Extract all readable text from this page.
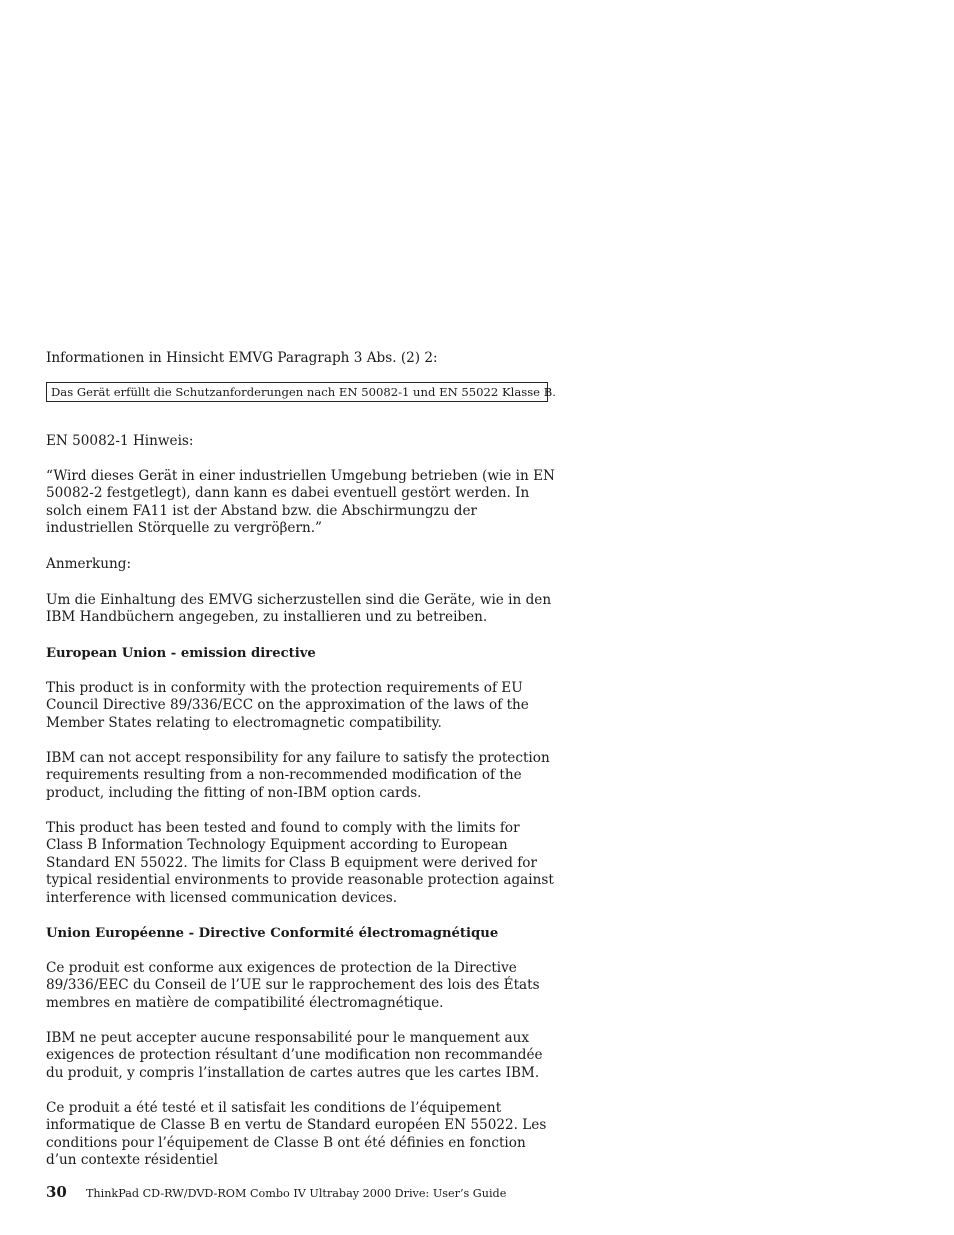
Informationen in Hinsicht EMVG Paragraph 3 Abs. (2) 2:

Das Gerät erfüllt die Schutzanforderungen nach EN 50082-1 und EN 55022 Klasse B.

EN 50082-1 Hinweis:

“Wird dieses Gerät in einer industriellen Umgebung betrieben (wie in EN 50082-2 festgetlegt), dann kann es dabei eventuell gestört werden. In solch einem FA11 ist der Abstand bzw. die Abschirmungzu der industriellen Störquelle zu vergröβern.”

Anmerkung:

Um die Einhaltung des EMVG sicherzustellen sind die Geräte, wie in den IBM Handbüchern angegeben, zu installieren und zu betreiben.

European Union - emission directive

This product is in conformity with the protection requirements of EU Council Directive 89/336/ECC on the approximation of the laws of the Member States relating to electromagnetic compatibility.

IBM can not accept responsibility for any failure to satisfy the protection requirements resulting from a non-recommended modification of the product, including the fitting of non-IBM option cards.

This product has been tested and found to comply with the limits for Class B Information Technology Equipment according to European Standard EN 55022. The limits for Class B equipment were derived for typical residential environments to provide reasonable protection against interference with licensed communication devices.

Union Européenne - Directive Conformité électromagnétique

Ce produit est conforme aux exigences de protection de la Directive 89/336/EEC du Conseil de l’UE sur le rapprochement des lois des États membres en matière de compatibilité électromagnétique.

IBM ne peut accepter aucune responsabilité pour le manquement aux exigences de protection résultant d’une modification non recommandée du produit, y compris l’installation de cartes autres que les cartes IBM.

Ce produit a été testé et il satisfait les conditions de l’équipement informatique de Classe B en vertu de Standard européen EN 55022. Les conditions pour l’équipement de Classe B ont été définies en fonction d’un contexte résidentiel

30 ThinkPad CD-RW/DVD-ROM Combo IV Ultrabay 2000 Drive: User’s Guide
